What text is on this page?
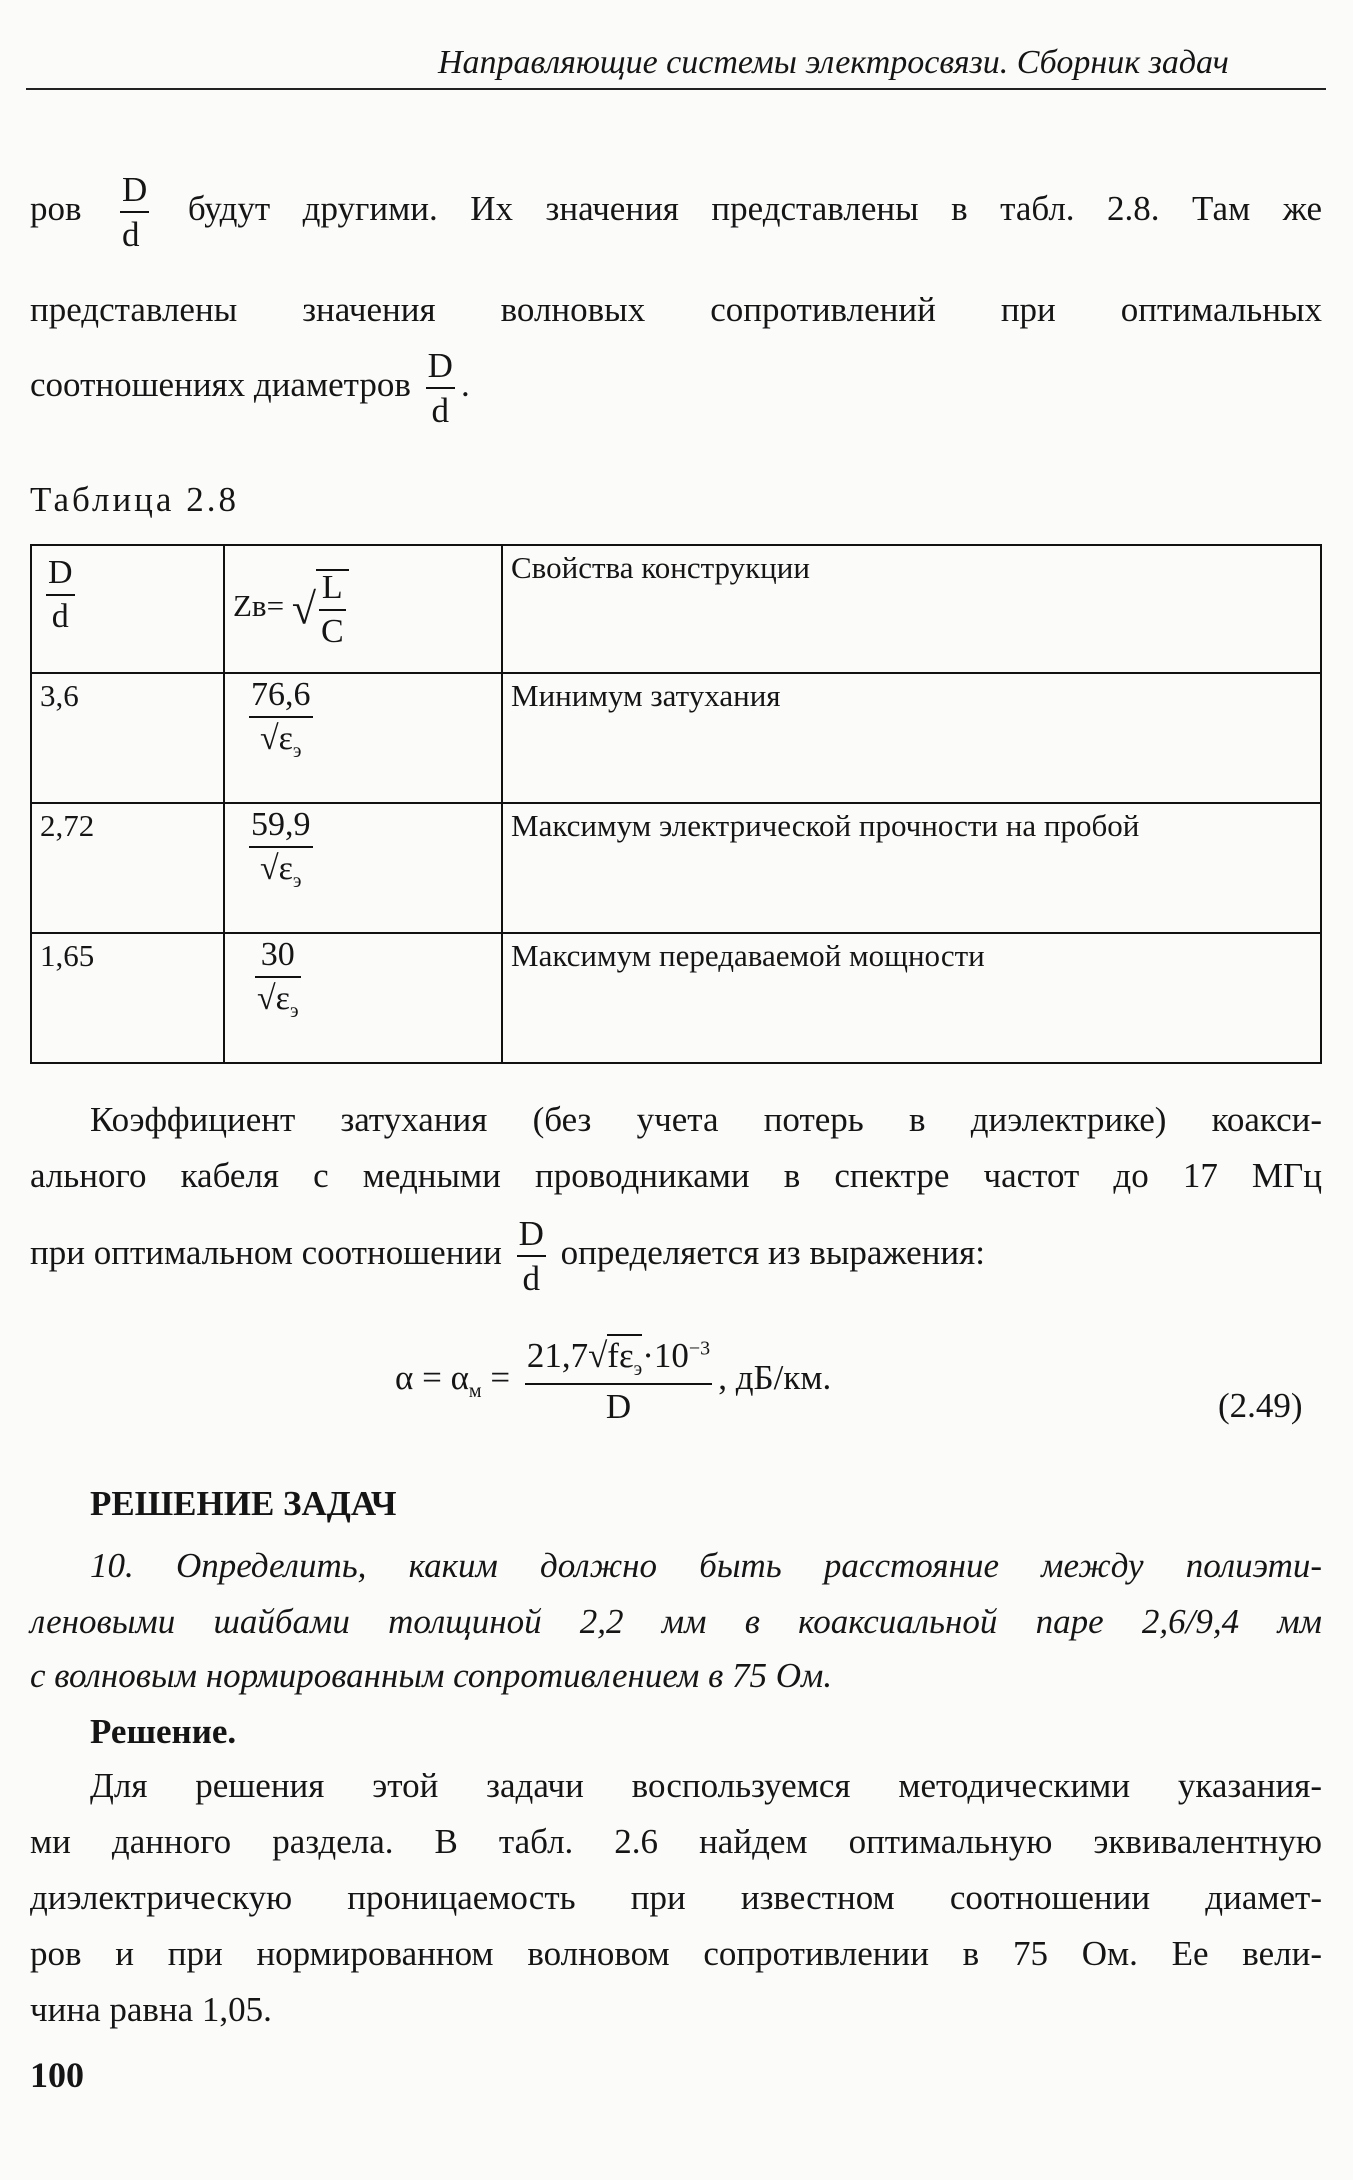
Направляющие системы электросвязи. Сборник задач
ров $\frac{D}{d}$ будут другими. Их значения представлены в табл. 2.8. Там же
представлены значения волновых сопротивлений при оптимальных
соотношениях диаметров $\frac{D}{d}$ .
Таблица 2.8
$\frac{D}{d}$	Zв= √ $\frac{L}{C}$	Свойства конструкции
3,6	$\frac{76,6}{√\varepsilon_э}$	Минимум затухания
2,72	$\frac{59,9}{√\varepsilon_э}$	Максимум электрической прочности на пробой
1,65	$\frac{30}{√\varepsilon_э}$	Максимум передаваемой мощности
Коэффициент затухания (без учета потерь в диэлектрике) коакси-
ального кабеля с медными проводниками в спектре частот до 17 МГц
при оптимальном соотношении $\frac{D}{d}$ определяется из выражения:
$\alpha = \alpha_м = \frac{21,7√f\varepsilon_э\cdot 10^{-3}}{D}$ , дБ/км.
(2.49)
РЕШЕНИЕ ЗАДАЧ
10. Определить, каким должно быть расстояние между полиэти-
леновыми шайбами толщиной 2,2 мм в коаксиальной паре 2,6/9,4 мм
с волновым нормированным сопротивлением в 75 Ом.
Решение.
Для решения этой задачи воспользуемся методическими указания-
ми данного раздела. В табл. 2.6 найдем оптимальную эквивалентную
диэлектрическую проницаемость при известном соотношении диамет-
ров и при нормированном волновом сопротивлении в 75 Ом. Ее вели-
чина равна 1,05.
100
